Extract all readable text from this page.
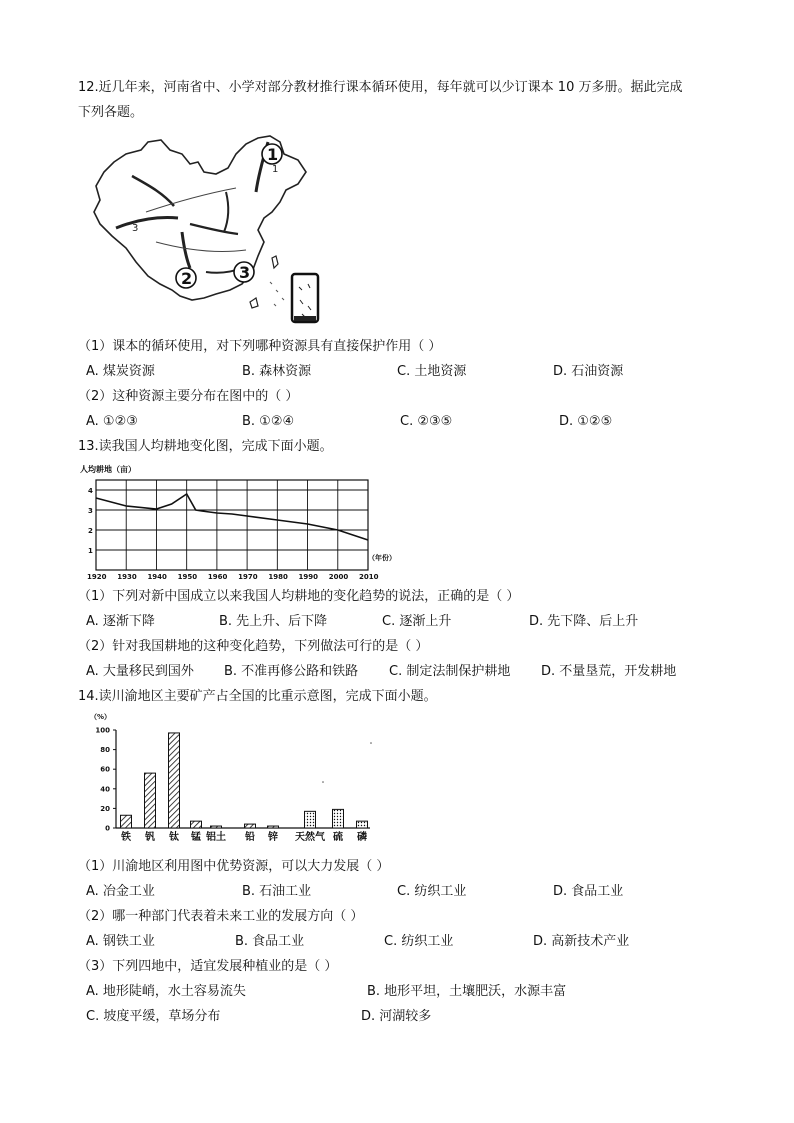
12.近几年来，河南省中、小学对部分教材推行课本循环使用，每年就可以少订课本 10 万多册。据此完成
下列各题。
3
1
1
2	3
（1）课本的循环使用，对下列哪种资源具有直接保护作用（ ）
A. 煤炭资源	B. 森林资源	C. 土地资源	D. 石油资源
（2）这种资源主要分布在图中的（ ）
A. ①②③	B. ①②④	C. ②③⑤	D. ①②⑤
13.读我国人均耕地变化图，完成下面小题。
人均耕地（亩）
1
2
3
4
1920 1930 1940 1950 1960 1970 1980 1990 2000 2010
（年份）
（1）下列对新中国成立以来我国人均耕地的变化趋势的说法，正确的是（ ）
A. 逐渐下降	B. 先上升、后下降	C. 逐渐上升	D. 先下降、后上升
（2）针对我国耕地的这种变化趋势，下列做法可行的是（ ）
A. 大量移民到国外 B. 不准再修公路和铁路 C. 制定法制保护耕地 D. 不量垦荒，开发耕地
14.读川渝地区主要矿产占全国的比重示意图，完成下面小题。
（%）
0
20
40
60
80
100
铁 钒 钛 锰 铝土 铅 锌 天然气 硫 磷
（1）川渝地区利用图中优势资源，可以大力发展（ ）
A. 冶金工业	B. 石油工业	C. 纺织工业	D. 食品工业
（2）哪一种部门代表着未来工业的发展方向（ ）
A. 钢铁工业	B. 食品工业	C. 纺织工业	D. 高新技术产业
（3）下列四地中，适宜发展种植业的是（ ）
A. 地形陡峭，水土容易流失	B. 地形平坦，土壤肥沃，水源丰富
C. 坡度平缓，草场分布	D. 河湖较多
